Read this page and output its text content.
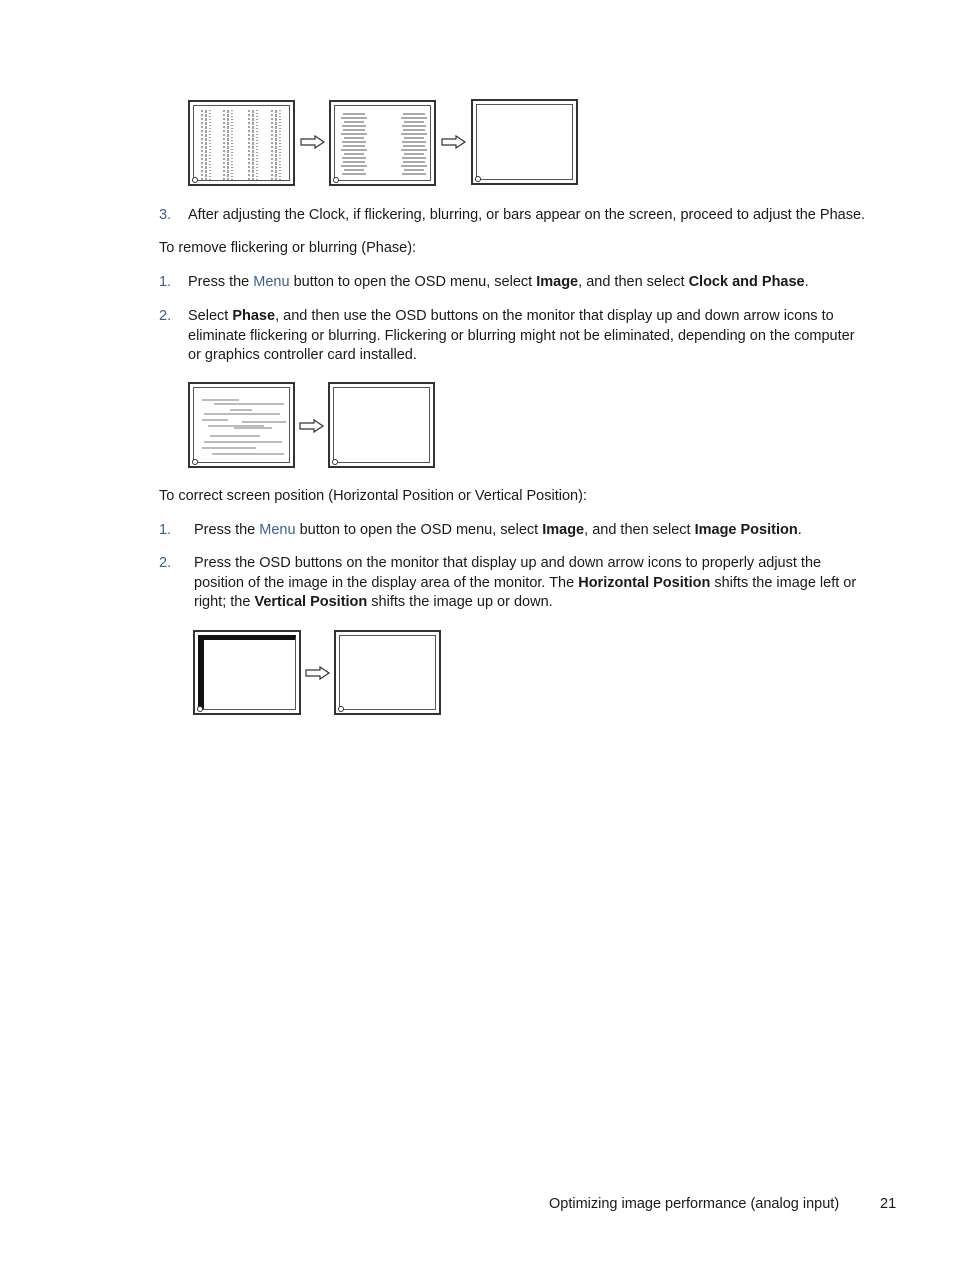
3. After adjusting the Clock, if flickering, blurring, or bars appear on the screen, proceed to adjust the Phase.
To remove flickering or blurring (Phase):
1. Press the Menu button to open the OSD menu, select Image, and then select Clock and Phase.
2. Select Phase, and then use the OSD buttons on the monitor that display up and down arrow icons to
eliminate flickering or blurring. Flickering or blurring might not be eliminated, depending on the computer
or graphics controller card installed.
To correct screen position (Horizontal Position or Vertical Position):
1. Press the Menu button to open the OSD menu, select Image, and then select Image Position.
2. Press the OSD buttons on the monitor that display up and down arrow icons to properly adjust the
position of the image in the display area of the monitor. The Horizontal Position shifts the image left or
right; the Vertical Position shifts the image up or down.
Optimizing image performance (analog input)	21
